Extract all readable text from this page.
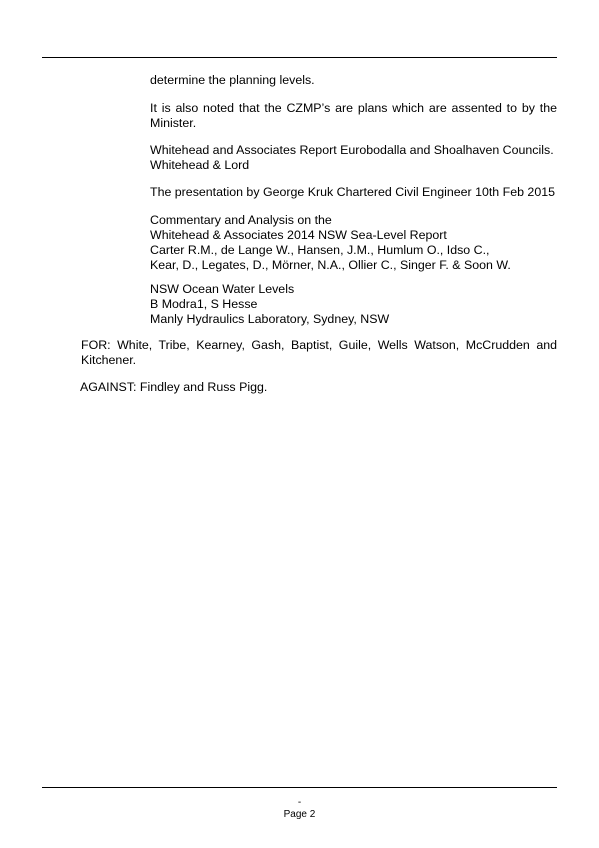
determine the planning levels.

It is also noted that the CZMP’s are plans which are assented to by the Minister.

Whitehead and Associates Report Eurobodalla and Shoalhaven Councils.
Whitehead & Lord
The presentation by George Kruk Chartered Civil Engineer 10th Feb 2015
Commentary and Analysis on the
Whitehead & Associates 2014 NSW Sea-Level Report
Carter R.M., de Lange W., Hansen, J.M., Humlum O., Idso C.,
Kear, D., Legates, D., Mörner, N.A., Ollier C., Singer F. & Soon W.
NSW Ocean Water Levels
B Modra1, S Hesse
Manly Hydraulics Laboratory, Sydney, NSW

FOR: White, Tribe, Kearney, Gash, Baptist, Guile, Wells Watson, McCrudden and Kitchener.

AGAINST: Findley and Russ Pigg.

-
Page 2
